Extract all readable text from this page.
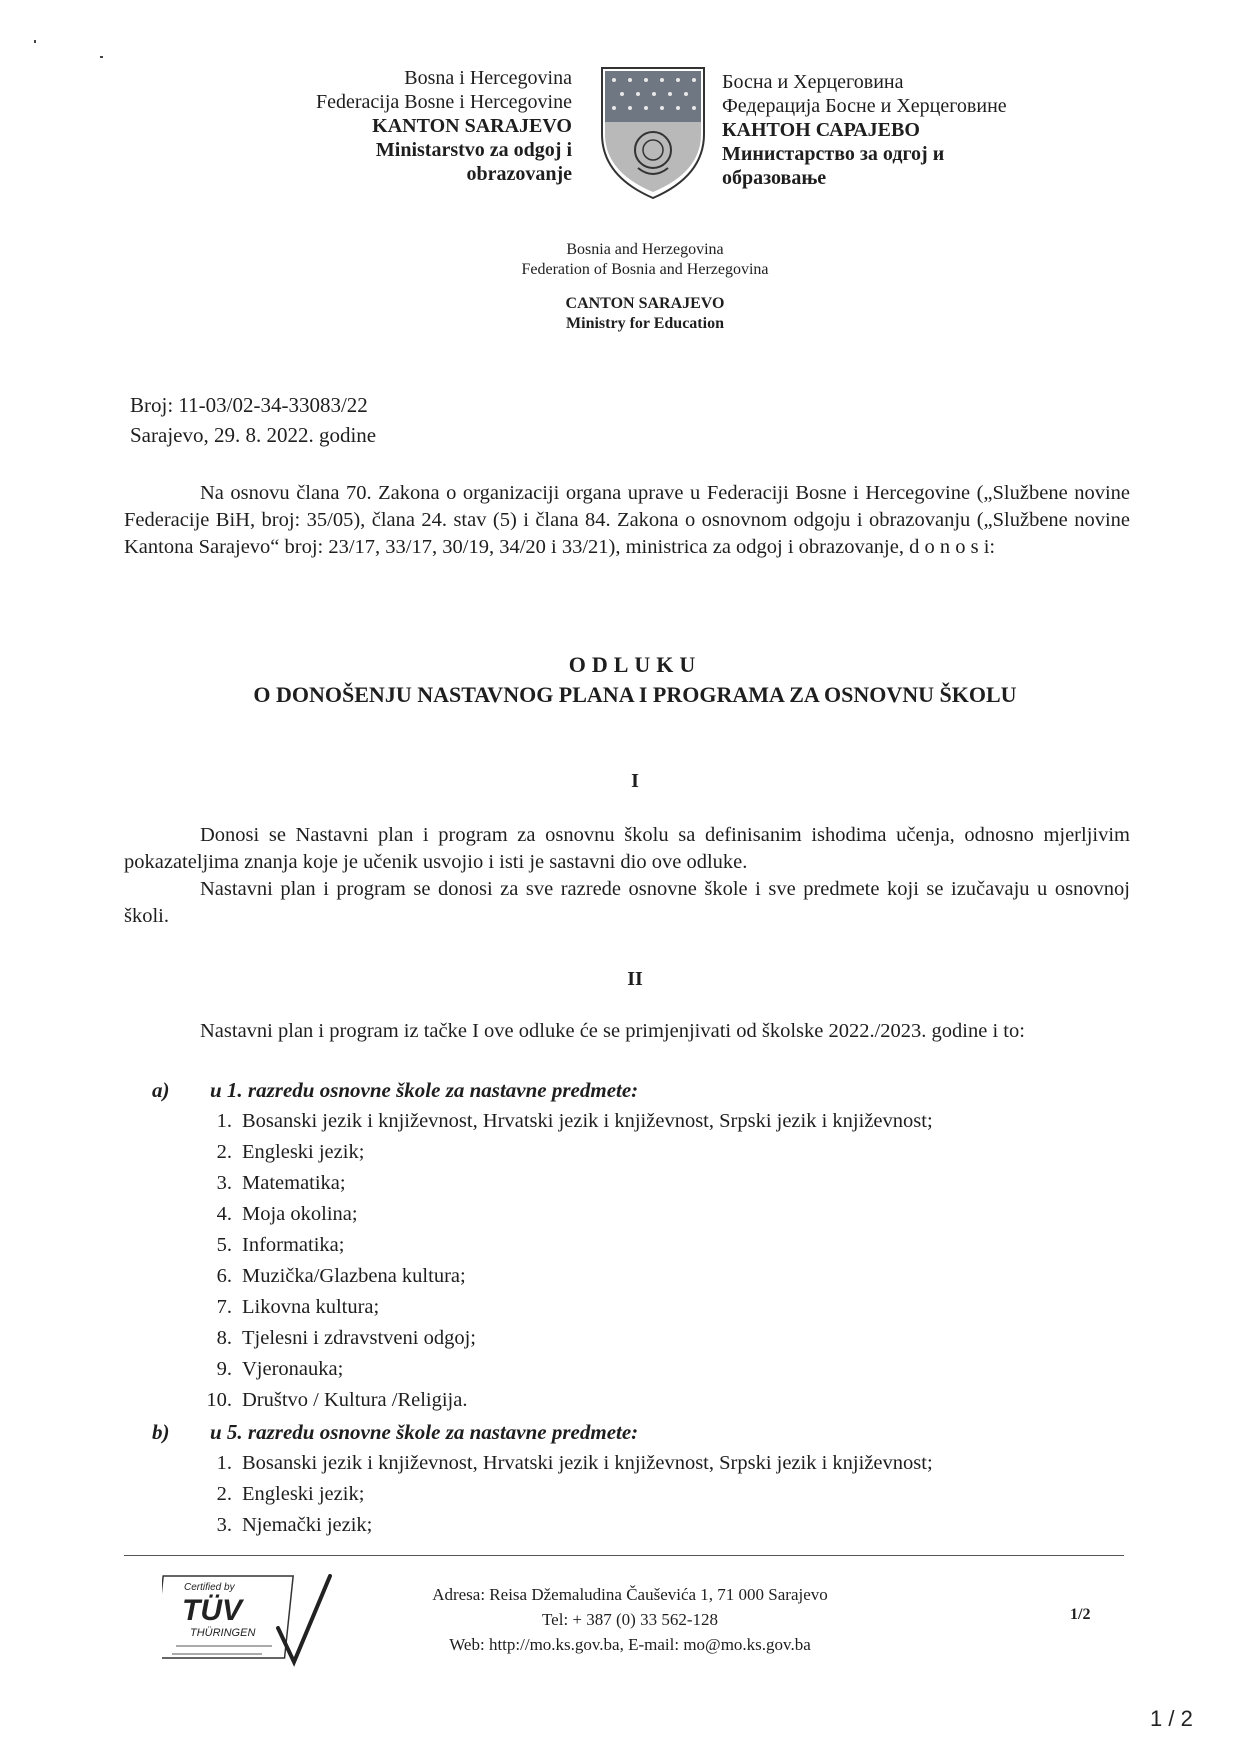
Bosna i Hercegovina
Federacija Bosne i Hercegovine
KANTON SARAJEVO
Ministarstvo za odgoj i
obrazovanje
Босна и Херцеговина
Федерација Босне и Херцеговине
КАНТОН САРАЈЕВО
Министарство за одгој и
образовање
Bosnia and Herzegovina
Federation of Bosnia and Herzegovina
CANTON SARAJEVO
Ministry for Education
Broj: 11-03/02-34-33083/22
Sarajevo, 29. 8. 2022. godine
Na osnovu člana 70. Zakona o organizaciji organa uprave u Federaciji Bosne i Hercegovine („Službene novine Federacije BiH, broj: 35/05), člana 24. stav (5) i člana 84. Zakona o osnovnom odgoju i obrazovanju („Službene novine Kantona Sarajevo“ broj: 23/17, 33/17, 30/19, 34/20 i 33/21), ministrica za odgoj i obrazovanje, d o n o s i:
ODLUKU
O DONOŠENJU NASTAVNOG PLANA I PROGRAMA ZA OSNOVNU ŠKOLU
I
Donosi se Nastavni plan i program za osnovnu školu sa definisanim ishodima učenja, odnosno mjerljivim pokazateljima znanja koje je učenik usvojio i isti je sastavni dio ove odluke.
Nastavni plan i program se donosi za sve razrede osnovne škole i sve predmete koji se izučavaju u osnovnoj školi.
II
Nastavni plan i program iz tačke I ove odluke će se primjenjivati od školske 2022./2023. godine i to:
a) u 1. razredu osnovne škole za nastavne predmete:
1. Bosanski jezik i književnost, Hrvatski jezik i književnost, Srpski jezik i književnost;
2. Engleski jezik;
3. Matematika;
4. Moja okolina;
5. Informatika;
6. Muzička/Glazbena kultura;
7. Likovna kultura;
8. Tjelesni i zdravstveni odgoj;
9. Vjeronauka;
10. Društvo / Kultura /Religija.
b) u 5. razredu osnovne škole za nastavne predmete:
1. Bosanski jezik i književnost, Hrvatski jezik i književnost, Srpski jezik i književnost;
2. Engleski jezik;
3. Njemački jezik;
Certified by
TÜV
THÜRINGEN
Adresa: Reisa Džemaludina Čauševića 1, 71 000 Sarajevo
Tel: + 387 (0) 33 562-128
Web: http://mo.ks.gov.ba, E-mail: mo@mo.ks.gov.ba
1/2
1 / 2
